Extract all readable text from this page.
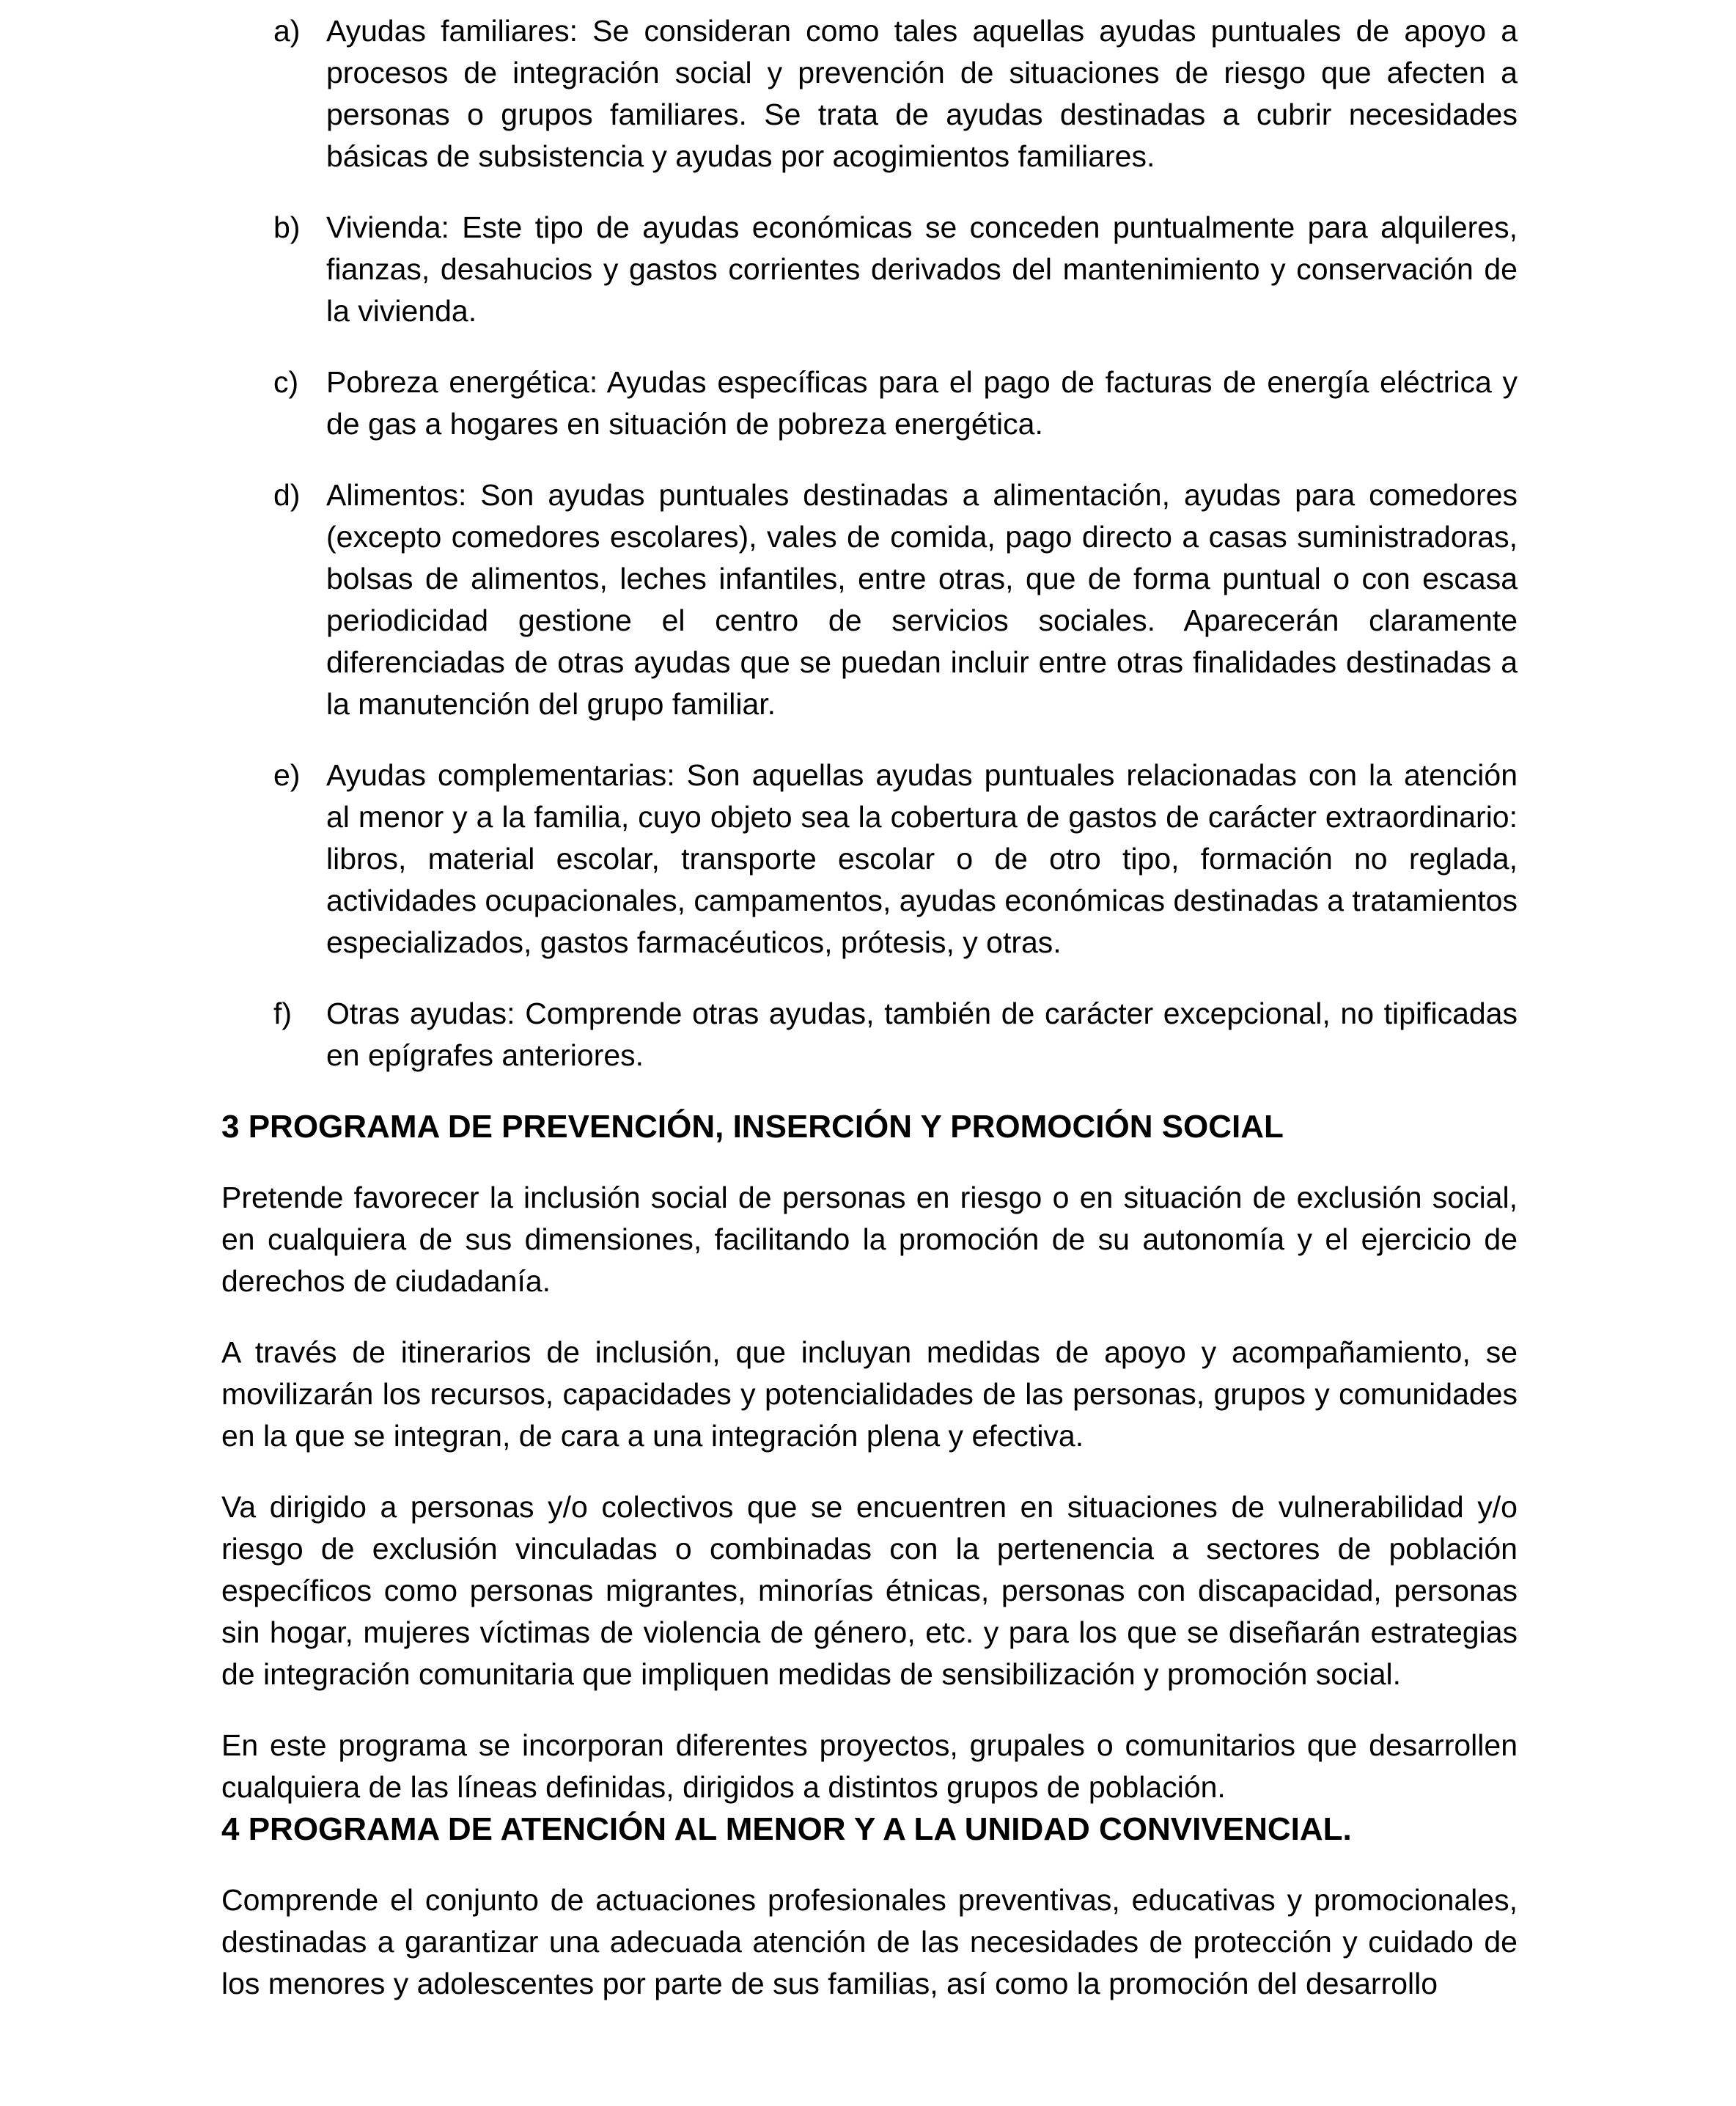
a) Ayudas familiares: Se consideran como tales aquellas ayudas puntuales de apoyo a procesos de integración social y prevención de situaciones de riesgo que afecten a personas o grupos familiares. Se trata de ayudas destinadas a cubrir necesidades básicas de subsistencia y ayudas por acogimientos familiares.
b) Vivienda: Este tipo de ayudas económicas se conceden puntualmente para alquileres, fianzas, desahucios y gastos corrientes derivados del mantenimiento y conservación de la vivienda.
c) Pobreza energética: Ayudas específicas para el pago de facturas de energía eléctrica y de gas a hogares en situación de pobreza energética.
d) Alimentos: Son ayudas puntuales destinadas a alimentación, ayudas para comedores (excepto comedores escolares), vales de comida, pago directo a casas suministradoras, bolsas de alimentos, leches infantiles, entre otras, que de forma puntual o con escasa periodicidad gestione el centro de servicios sociales. Aparecerán claramente diferenciadas de otras ayudas que se puedan incluir entre otras finalidades destinadas a la manutención del grupo familiar.
e) Ayudas complementarias: Son aquellas ayudas puntuales relacionadas con la atención al menor y a la familia, cuyo objeto sea la cobertura de gastos de carácter extraordinario: libros, material escolar, transporte escolar o de otro tipo, formación no reglada, actividades ocupacionales, campamentos, ayudas económicas destinadas a tratamientos especializados, gastos farmacéuticos, prótesis, y otras.
f)	Otras ayudas: Comprende otras ayudas, también de carácter excepcional, no tipificadas en epígrafes anteriores.
3 PROGRAMA DE PREVENCIÓN, INSERCIÓN Y PROMOCIÓN SOCIAL

Pretende favorecer la inclusión social de personas en riesgo o en situación de exclusión social, en cualquiera de sus dimensiones, facilitando la promoción de su autonomía y el ejercicio de derechos de ciudadanía.

A través de itinerarios de inclusión, que incluyan medidas de apoyo y acompañamiento, se movilizarán los recursos, capacidades y potencialidades de las personas, grupos y comunidades en la que se integran, de cara a una integración plena y efectiva.

Va dirigido a personas y/o colectivos que se encuentren en situaciones de vulnerabilidad y/o riesgo de exclusión vinculadas o combinadas con la pertenencia a sectores de población específicos como personas migrantes, minorías étnicas, personas con discapacidad, personas sin hogar, mujeres víctimas de violencia de género, etc. y para los que se diseñarán estrategias de integración comunitaria que impliquen medidas de sensibilización y promoción social.

En este programa se incorporan diferentes proyectos, grupales o comunitarios que desarrollen cualquiera de las líneas definidas, dirigidos a distintos grupos de población.

4 PROGRAMA DE ATENCIÓN AL MENOR Y A LA UNIDAD CONVIVENCIAL.

Comprende el conjunto de actuaciones profesionales preventivas, educativas y promocionales, destinadas a garantizar una adecuada atención de las necesidades de protección y cuidado de los menores y adolescentes por parte de sus familias, así como la promoción del desarrollo
